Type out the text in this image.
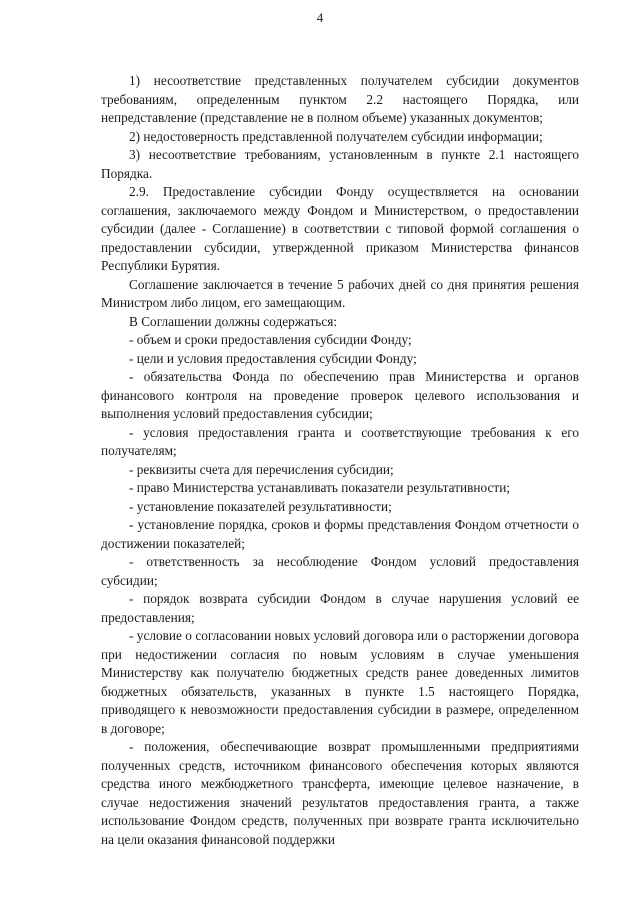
4

1) несоответствие представленных получателем субсидии документов требованиям, определенным пунктом 2.2 настоящего Порядка, или непредставление (представление не в полном объеме) указанных документов;

2) недостоверность представленной получателем субсидии информации;

3) несоответствие требованиям, установленным в пункте 2.1 настоящего Порядка.

2.9. Предоставление субсидии Фонду осуществляется на основании соглашения, заключаемого между Фондом и Министерством, о предоставлении субсидии (далее - Соглашение) в соответствии с типовой формой соглашения о предоставлении субсидии, утвержденной приказом Министерства финансов Республики Бурятия.

Соглашение заключается в течение 5 рабочих дней со дня принятия решения Министром либо лицом, его замещающим.

В Соглашении должны содержаться:

- объем и сроки предоставления субсидии Фонду;

- цели и условия предоставления субсидии Фонду;

- обязательства Фонда по обеспечению прав Министерства и органов финансового контроля на проведение проверок целевого использования и выполнения условий предоставления субсидии;

- условия предоставления гранта и соответствующие требования к его получателям;

- реквизиты счета для перечисления субсидии;

- право Министерства устанавливать показатели результативности;

- установление показателей результативности;

- установление порядка, сроков и формы представления Фондом отчетности о достижении показателей;

- ответственность за несоблюдение Фондом условий предоставления субсидии;

- порядок возврата субсидии Фондом в случае нарушения условий ее предоставления;

- условие о согласовании новых условий договора или о расторжении договора при недостижении согласия по новым условиям в случае уменьшения Министерству как получателю бюджетных средств ранее доведенных лимитов бюджетных обязательств, указанных в пункте 1.5 настоящего Порядка, приводящего к невозможности предоставления субсидии в размере, определенном в договоре;

- положения, обеспечивающие возврат промышленными предприятиями полученных средств, источником финансового обеспечения которых являются средства иного межбюджетного трансферта, имеющие целевое назначение, в случае недостижения значений результатов предоставления гранта, а также использование Фондом средств, полученных при возврате гранта исключительно на цели оказания финансовой поддержки
